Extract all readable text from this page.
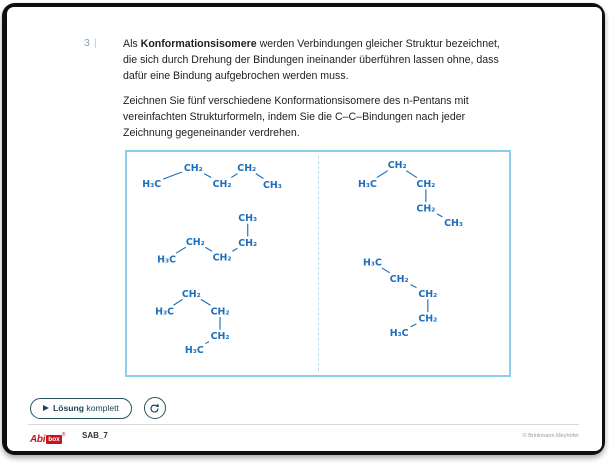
3 | Als Konformationsisomere werden Verbindungen gleicher Struktur bezeichnet, die sich durch Drehung der Bindungen ineinander überführen lassen ohne, dass dafür eine Bindung aufgebrochen werden muss.
Zeichnen Sie fünf verschiedene Konformationsisomere des n-Pentans mit vereinfachten Strukturformeln, indem Sie die C–C–Bindungen nach jeder Zeichnung gegeneinander verdrehen.
H₃C
CH₂
CH₂
CH₂
CH₃
H₃C
CH₂
CH₂
CH₂
CH₃
H₃C
CH₂
CH₂
CH₂
H₃C
H₃C
CH₂
CH₂
CH₂
CH₃
H₃C
CH₂
CH₂
CH₂
H₃C
Lösung komplett
Abi box® SAB_7	© Brinkmann.Meyhöfer
